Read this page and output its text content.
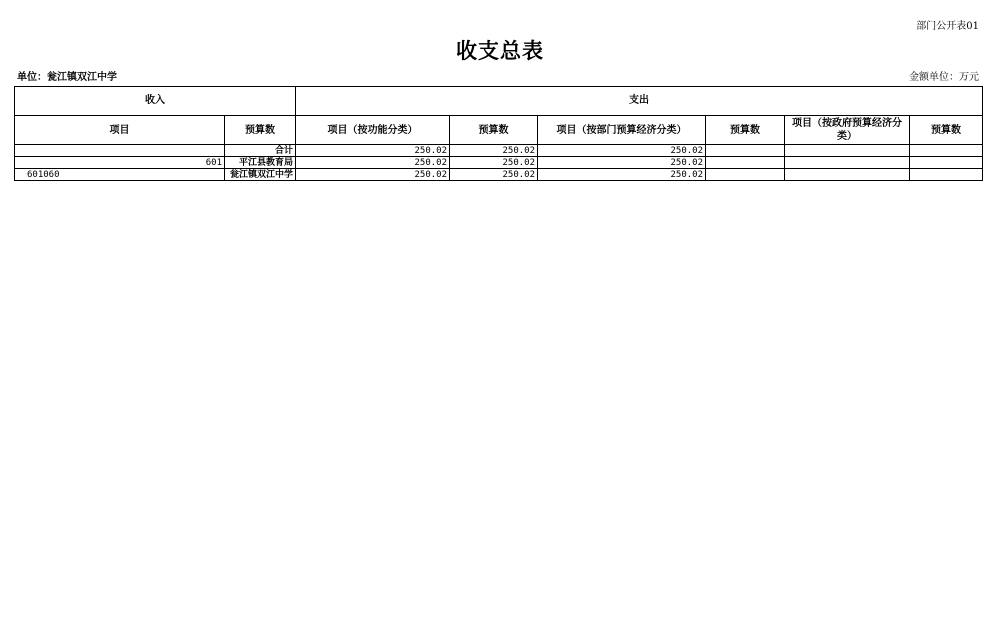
部门公开表01
收支总表
单位：瓮江镇双江中学	金额单位：万元
收入		支出					
项目	预算数	项目（按功能分类）	预算数	项目（按部门预算经济分类）	预算数	项目（按政府预算经济分类）	预算数
	合计	250.02	250.02	250.02			
601	平江县教育局	250.02	250.02	250.02			
601060	瓮江镇双江中学	250.02	250.02	250.02			
